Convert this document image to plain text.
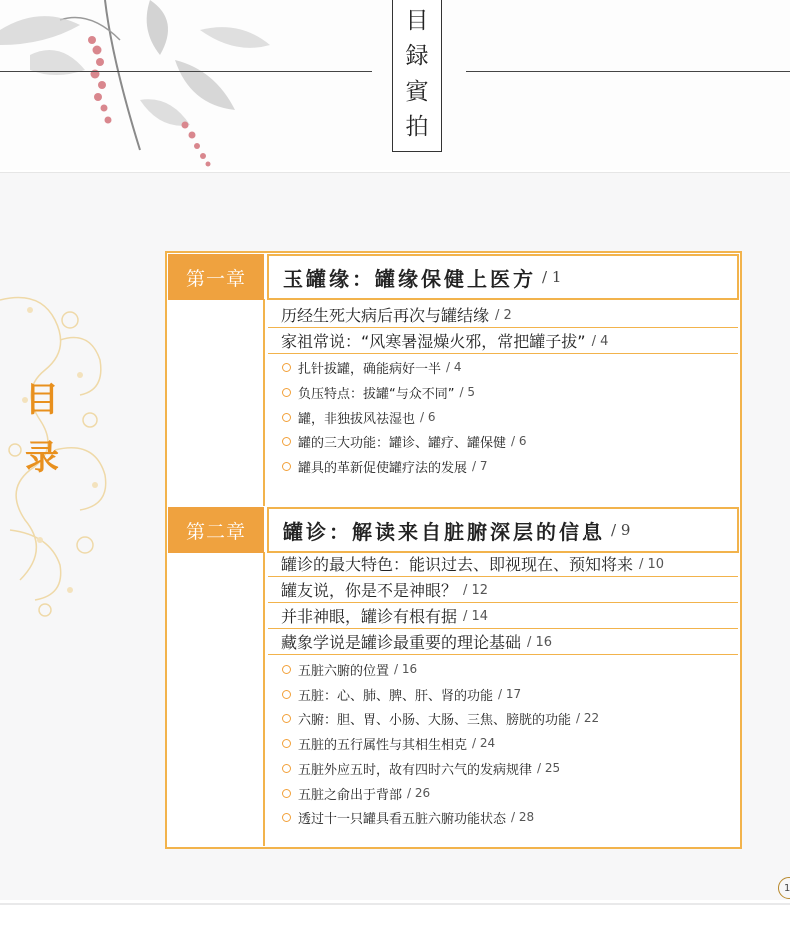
目
録
賓
拍
目
录
第一章	玉罐缘：罐缘保健上医方 / 1
历经生死大病后再次与罐结缘 / 2
家祖常说：“风寒暑湿燥火邪，常把罐子拔” / 4
扎针拔罐，确能病好一半 / 4
负压特点：拔罐“与众不同” / 5
罐，非独拔风祛湿也 / 6
罐的三大功能：罐诊、罐疗、罐保健 / 6
罐具的革新促使罐疗法的发展 / 7
第二章	罐诊：解读来自脏腑深层的信息 / 9
罐诊的最大特色：能识过去、即视现在、预知将来 / 10
罐友说，你是不是神眼？ / 12
并非神眼，罐诊有根有据 / 14
藏象学说是罐诊最重要的理论基础 / 16
五脏六腑的位置 / 16
五脏：心、肺、脾、肝、肾的功能 / 17
六腑：胆、胃、小肠、大肠、三焦、膀胱的功能 / 22
五脏的五行属性与其相生相克 / 24
五脏外应五时，故有四时六气的发病规律 / 25
五脏之俞出于背部 / 26
透过十一只罐具看五脏六腑功能状态 / 28
1
